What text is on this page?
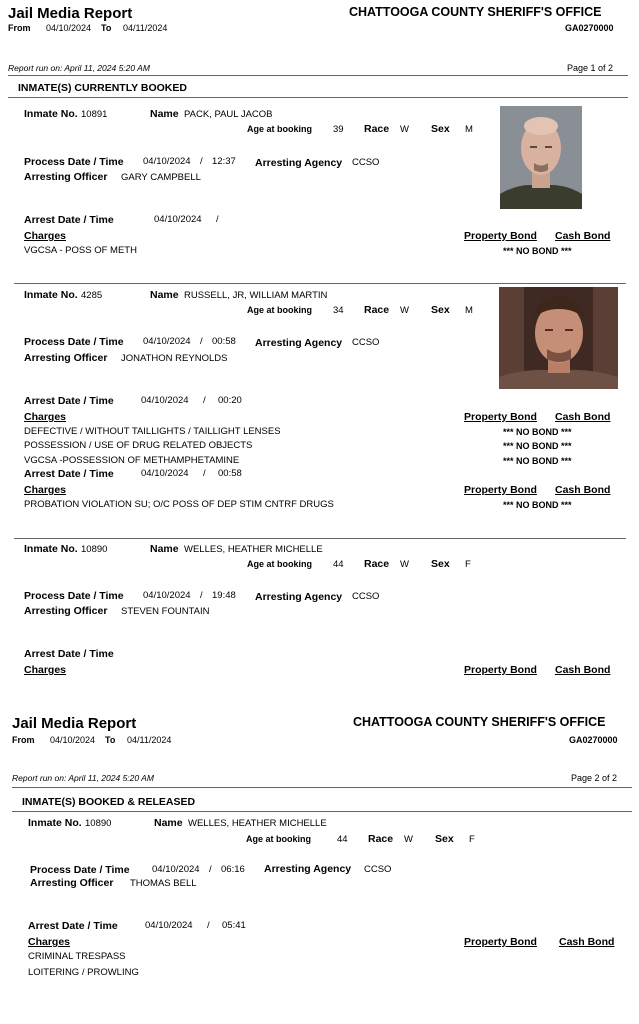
Jail Media Report	CHATTOOGA COUNTY SHERIFF'S OFFICE
From 04/10/2024 To 04/11/2024	GA0270000
Report run on: April 11, 2024 5:20 AM	Page 1 of 2
INMATE(S) CURRENTLY BOOKED
Inmate No. 10891	Name PACK, PAUL JACOB
Age at booking 39 Race W Sex M
Process Date / Time 04/10/2024 / 12:37 Arresting Agency CCSO
Arresting Officer GARY CAMPBELL
Arrest Date / Time	04/10/2024 /
Charges	Property Bond Cash Bond
VGCSA - POSS OF METH	*** NO BOND ***
Inmate No. 4285	Name RUSSELL, JR, WILLIAM MARTIN
Age at booking 34 Race W Sex M
Process Date / Time 04/10/2024 / 00:58 Arresting Agency CCSO
Arresting Officer JONATHON REYNOLDS
Arrest Date / Time	04/10/2024 / 00:20
Charges	Property Bond Cash Bond
DEFECTIVE / WITHOUT TAILLIGHTS / TAILLIGHT LENSES	*** NO BOND ***
POSSESSION / USE OF DRUG RELATED OBJECTS	*** NO BOND ***
VGCSA -POSSESSION OF METHAMPHETAMINE	*** NO BOND ***
Arrest Date / Time	04/10/2024 / 00:58
Charges	Property Bond Cash Bond
PROBATION VIOLATION SU; O/C POSS OF DEP STIM CNTRF DRUGS	*** NO BOND ***
Inmate No. 10890	Name WELLES, HEATHER MICHELLE
Age at booking 44 Race W Sex F
Process Date / Time 04/10/2024 / 19:48 Arresting Agency CCSO
Arresting Officer STEVEN FOUNTAIN
Arrest Date / Time
Charges	Property Bond Cash Bond
Jail Media Report	CHATTOOGA COUNTY SHERIFF'S OFFICE
From 04/10/2024 To 04/11/2024	GA0270000
Report run on: April 11, 2024 5:20 AM	Page 2 of 2
INMATE(S) BOOKED & RELEASED
Inmate No. 10890	Name WELLES, HEATHER MICHELLE
Age at booking	44 Race W Sex F
Process Date / Time 04/10/2024 / 06:16 Arresting Agency CCSO
Arresting Officer THOMAS BELL
Arrest Date / Time	04/10/2024 / 05:41
Charges	Property Bond Cash Bond
CRIMINAL TRESPASS
LOITERING / PROWLING
